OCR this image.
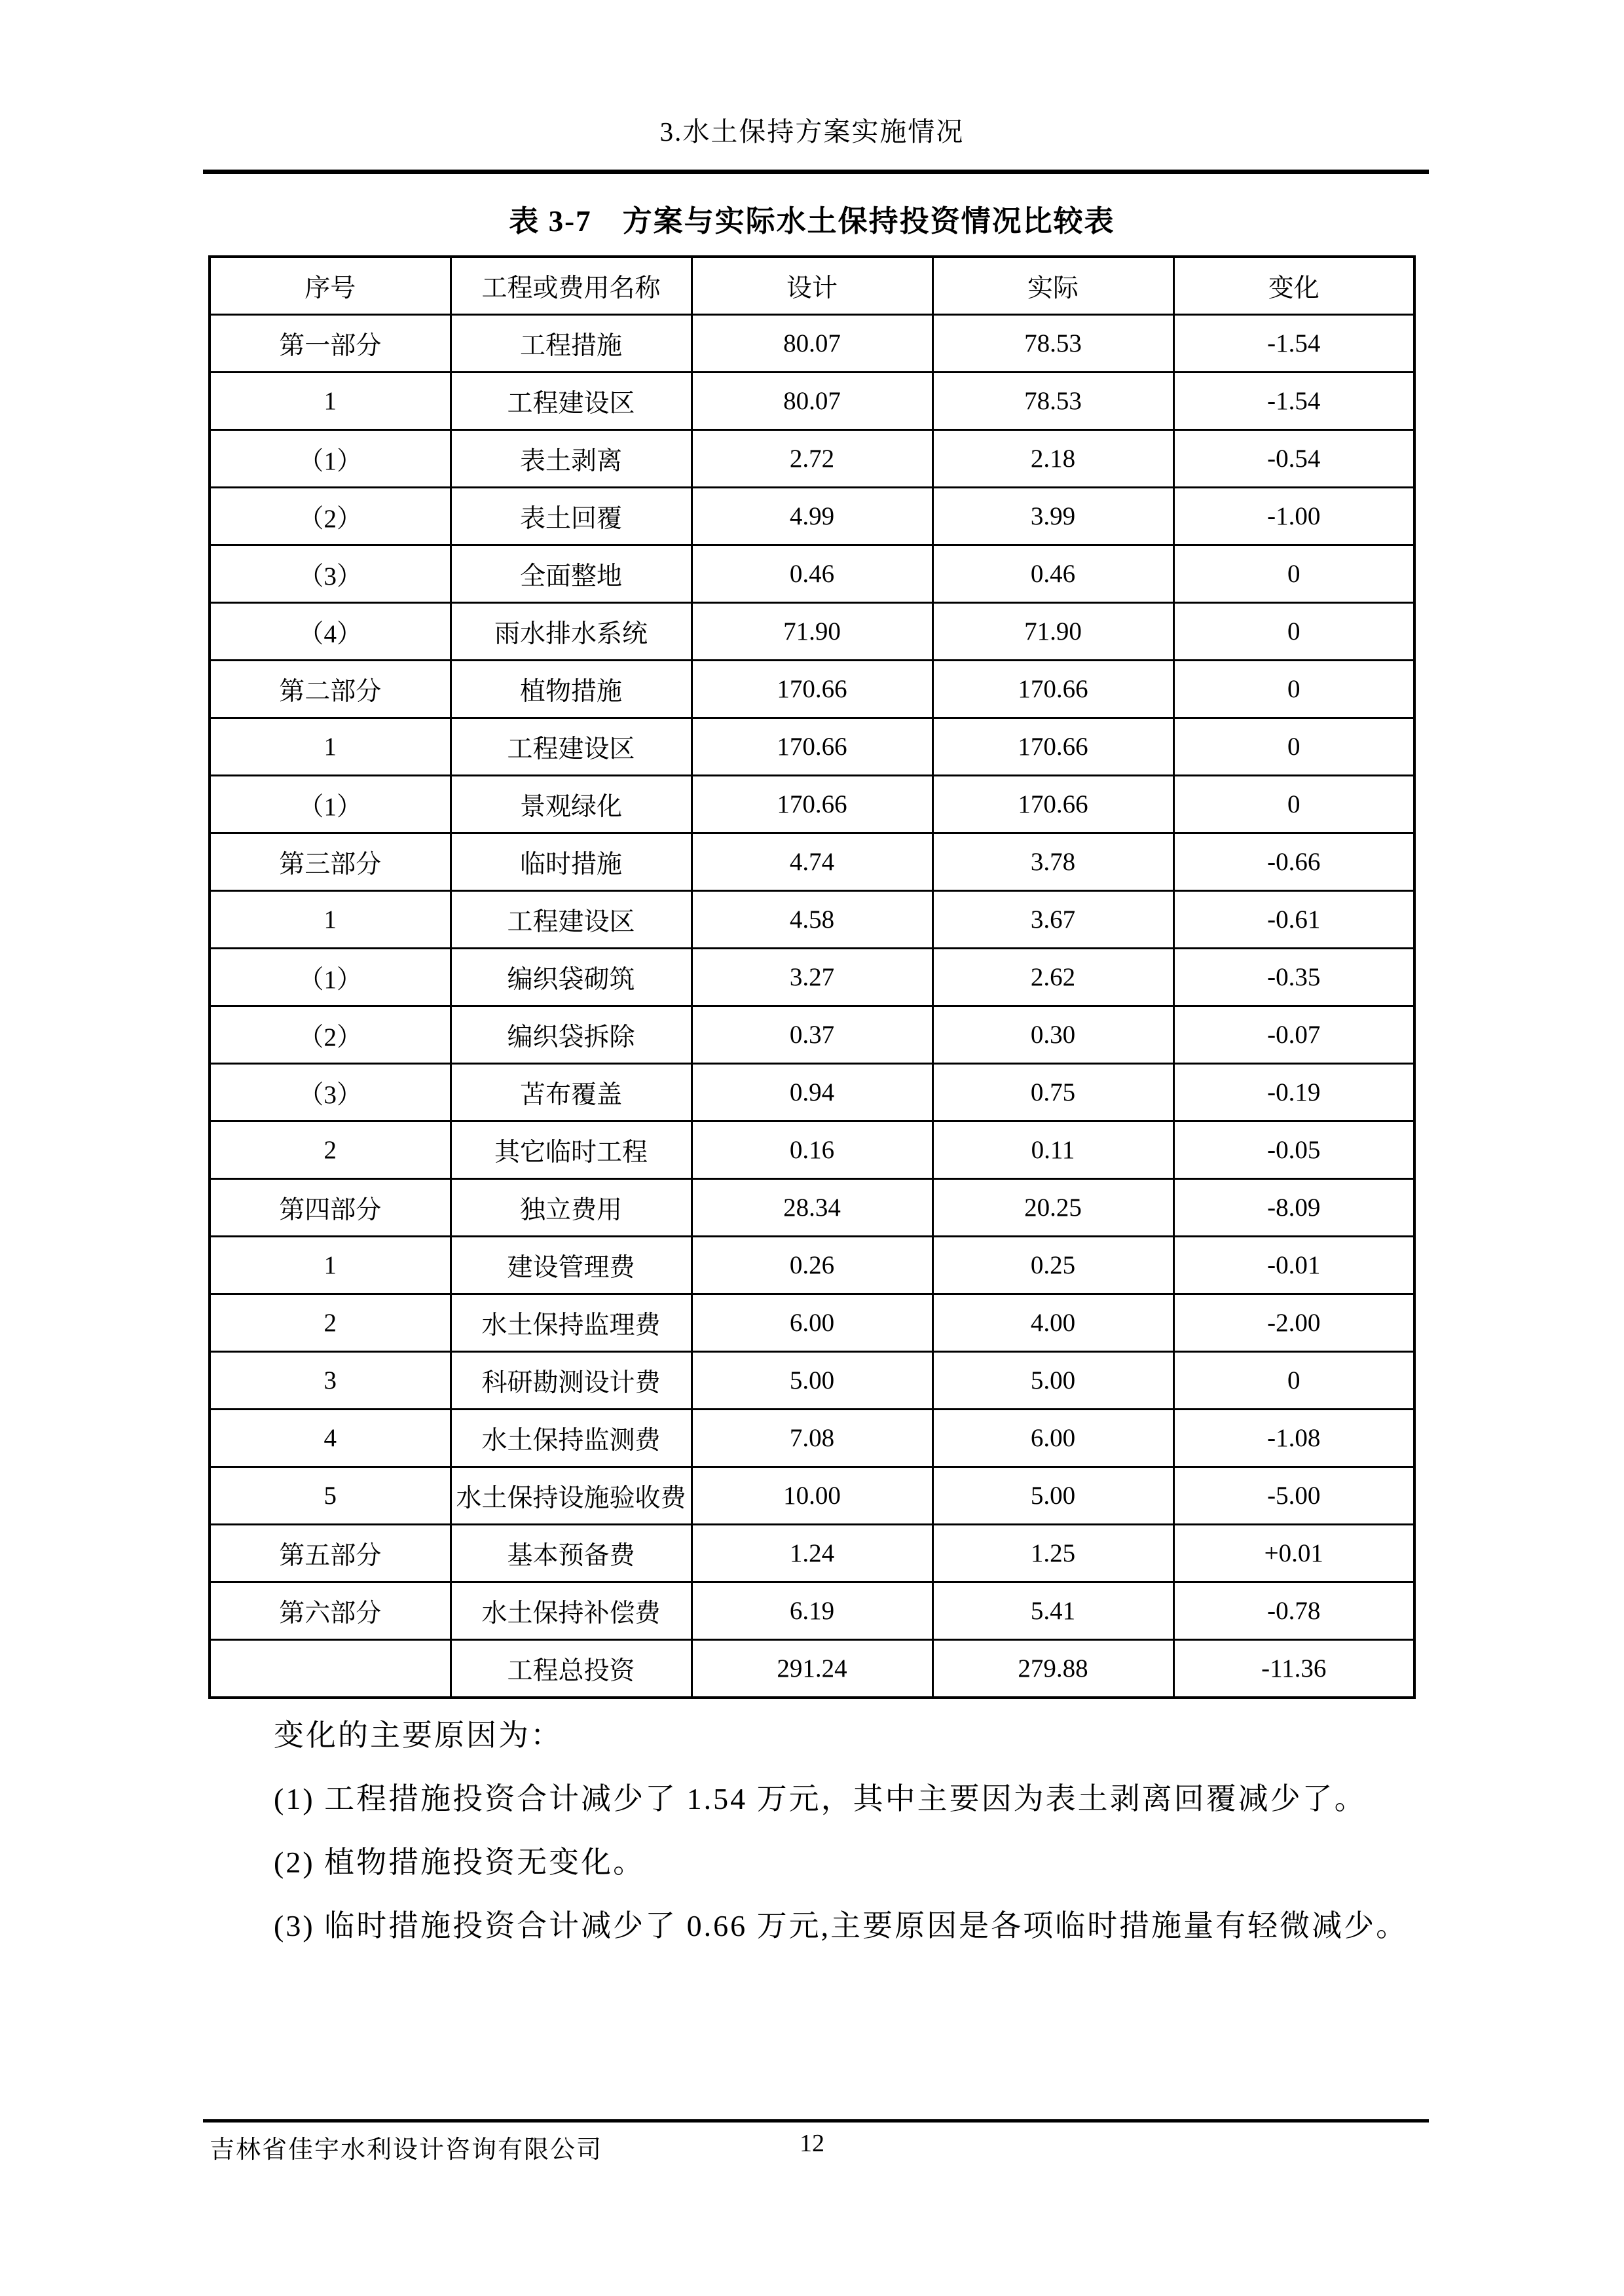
3.水土保持方案实施情况
表 3-7　方案与实际水土保持投资情况比较表
序号	工程或费用名称	设计	实际	变化
第一部分	工程措施	80.07	78.53	-1.54
1	工程建设区	80.07	78.53	-1.54
（1）	表土剥离	2.72	2.18	-0.54
（2）	表土回覆	4.99	3.99	-1.00
（3）	全面整地	0.46	0.46	0
（4）	雨水排水系统	71.90	71.90	0
第二部分	植物措施	170.66	170.66	0
1	工程建设区	170.66	170.66	0
（1）	景观绿化	170.66	170.66	0
第三部分	临时措施	4.74	3.78	-0.66
1	工程建设区	4.58	3.67	-0.61
（1）	编织袋砌筑	3.27	2.62	-0.35
（2）	编织袋拆除	0.37	0.30	-0.07
（3）	苫布覆盖	0.94	0.75	-0.19
2	其它临时工程	0.16	0.11	-0.05
第四部分	独立费用	28.34	20.25	-8.09
1	建设管理费	0.26	0.25	-0.01
2	水土保持监理费	6.00	4.00	-2.00
3	科研勘测设计费	5.00	5.00	0
4	水土保持监测费	7.08	6.00	-1.08
5	水土保持设施验收费	10.00	5.00	-5.00
第五部分	基本预备费	1.24	1.25	+0.01
第六部分	水土保持补偿费	6.19	5.41	-0.78
	工程总投资	291.24	279.88	-11.36

变化的主要原因为：

(1) 工程措施投资合计减少了 1.54 万元，其中主要因为表土剥离回覆减少了。

(2) 植物措施投资无变化。

(3) 临时措施投资合计减少了 0.66 万元,主要原因是各项临时措施量有轻微减少。

吉林省佳宇水利设计咨询有限公司	12
